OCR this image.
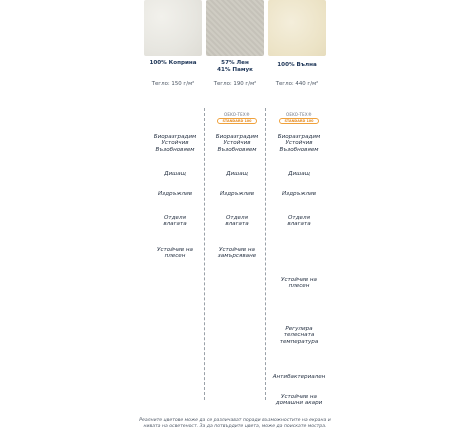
100% Коприна
Тегло: 150 г/м²
Биоразградим
Устойчив
Възобновяем
Дишащ
Издръжлив
Отделя
влагата
Устойчив на
плесен
57% Лен
41% Памук
Тегло: 190 г/м²
OEKO-TEX®
STANDARD 100
Биоразградим
Устойчив
Възобновяем
Дишащ
Издръжлив
Отделя
влагата
Устойчив на
замърсяване
100% Вълна
Тегло: 440 г/м²
OEKO-TEX®
STANDARD 100
Биоразградим
Устойчив
Възобновяем
Дишащ
Издръжлив
Отделя
влагата
Устойчив на
плесен
Регулира
телесната
температура
Антибактериален
Устойчив на
домашни акари
Реалните цветове може да се различават поради възможностите на екрана и
нивата на осветеност. За да потвърдите цвета, може да поискате мостра.
